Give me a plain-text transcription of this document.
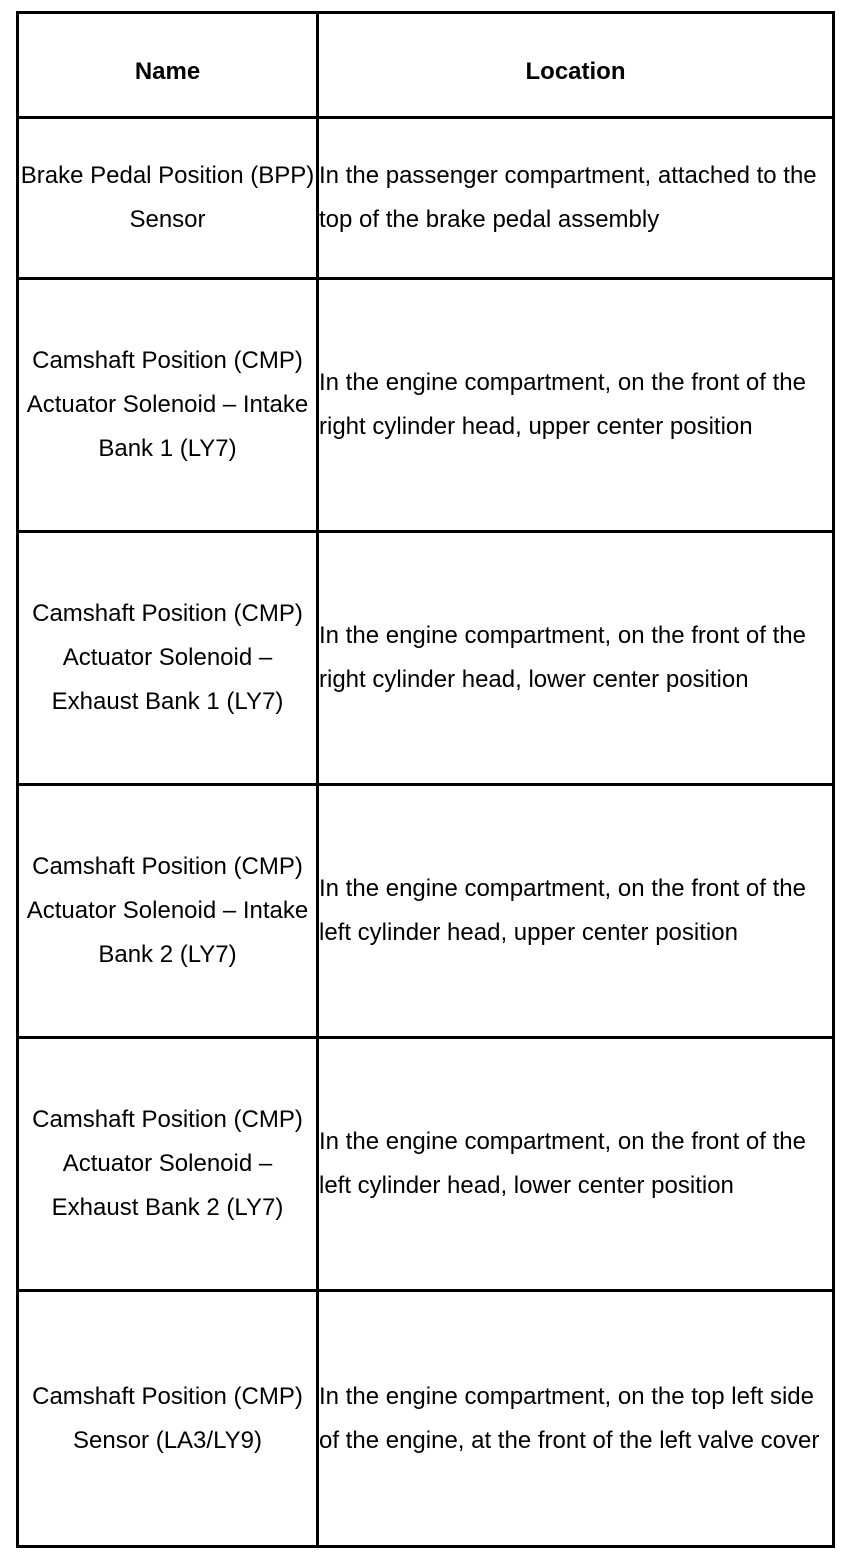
Name	Location

Brake Pedal Position (BPP) Sensor	In the passenger compartment, attached to the top of the brake pedal assembly

Camshaft Position (CMP) Actuator Solenoid – Intake Bank 1 (LY7)	In the engine compartment, on the front of the right cylinder head, upper center position

Camshaft Position (CMP) Actuator Solenoid – Exhaust Bank 1 (LY7)	In the engine compartment, on the front of the right cylinder head, lower center position

Camshaft Position (CMP) Actuator Solenoid – Intake Bank 2 (LY7)	In the engine compartment, on the front of the left cylinder head, upper center position

Camshaft Position (CMP) Actuator Solenoid – Exhaust Bank 2 (LY7)	In the engine compartment, on the front of the left cylinder head, lower center position

Camshaft Position (CMP) Sensor (LA3/LY9)	In the engine compartment, on the top left side of the engine, at the front of the left valve cover
